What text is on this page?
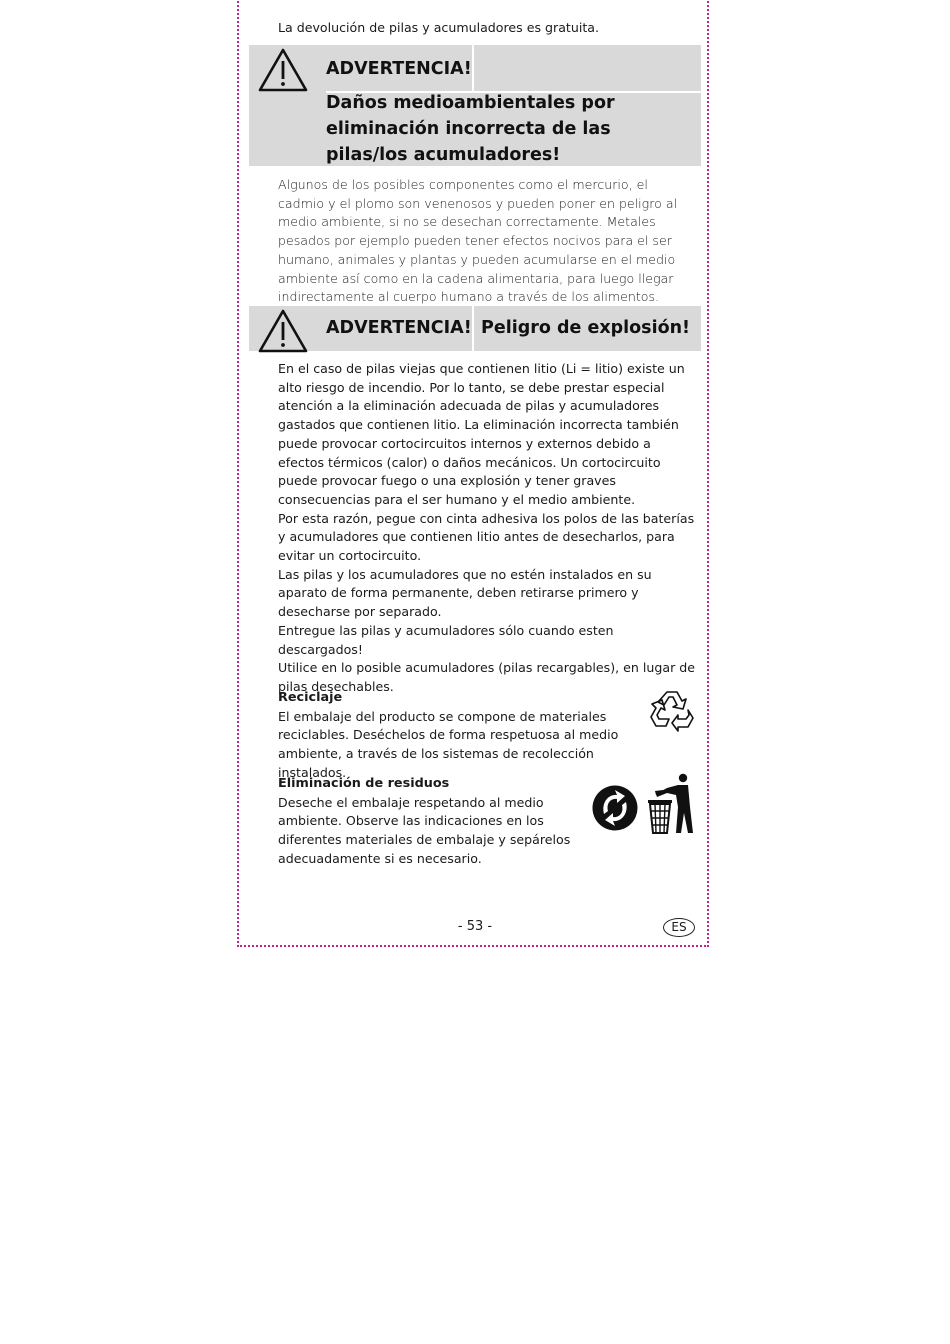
La devolución de pilas y acumuladores es gratuita.

ADVERTENCIA!
Daños medioambientales por eliminación incorrecta de las pilas/los acumuladores!

Algunos de los posibles componentes como el mercurio, el cadmio y el plomo son venenosos y pueden poner en peligro al medio ambiente, si no se desechan correctamente. Metales pesados por ejemplo pueden tener efectos nocivos para el ser humano, animales y plantas y pueden acumularse en el medio ambiente así como en la cadena alimentaria, para luego llegar indirectamente al cuerpo humano a través de los alimentos.

ADVERTENCIA! Peligro de explosión!

En el caso de pilas viejas que contienen litio (Li = litio) existe un alto riesgo de incendio. Por lo tanto, se debe prestar especial atención a la eliminación adecuada de pilas y acumuladores gastados que contienen litio. La eliminación incorrecta también puede provocar cortocircuitos internos y externos debido a efectos térmicos (calor) o daños mecánicos. Un cortocircuito puede provocar fuego o una explosión y tener graves consecuencias para el ser humano y el medio ambiente.

Por esta razón, pegue con cinta adhesiva los polos de las baterías y acumuladores que contienen litio antes de desecharlos, para evitar un cortocircuito.

Las pilas y los acumuladores que no estén instalados en su aparato de forma permanente, deben retirarse primero y desecharse por separado.

Entregue las pilas y acumuladores sólo cuando esten descargados!

Utilice en lo posible acumuladores (pilas recargables), en lugar de pilas desechables.

Reciclaje

El embalaje del producto se compone de materiales reciclables. Deséchelos de forma respetuosa al medio ambiente, a través de los sistemas de recolección instalados.

Eliminación de residuos

Deseche el embalaje respetando al medio ambiente. Observe las indicaciones en los diferentes materiales de embalaje y sepárelos adecuadamente si es necesario.

- 53 -	ES
